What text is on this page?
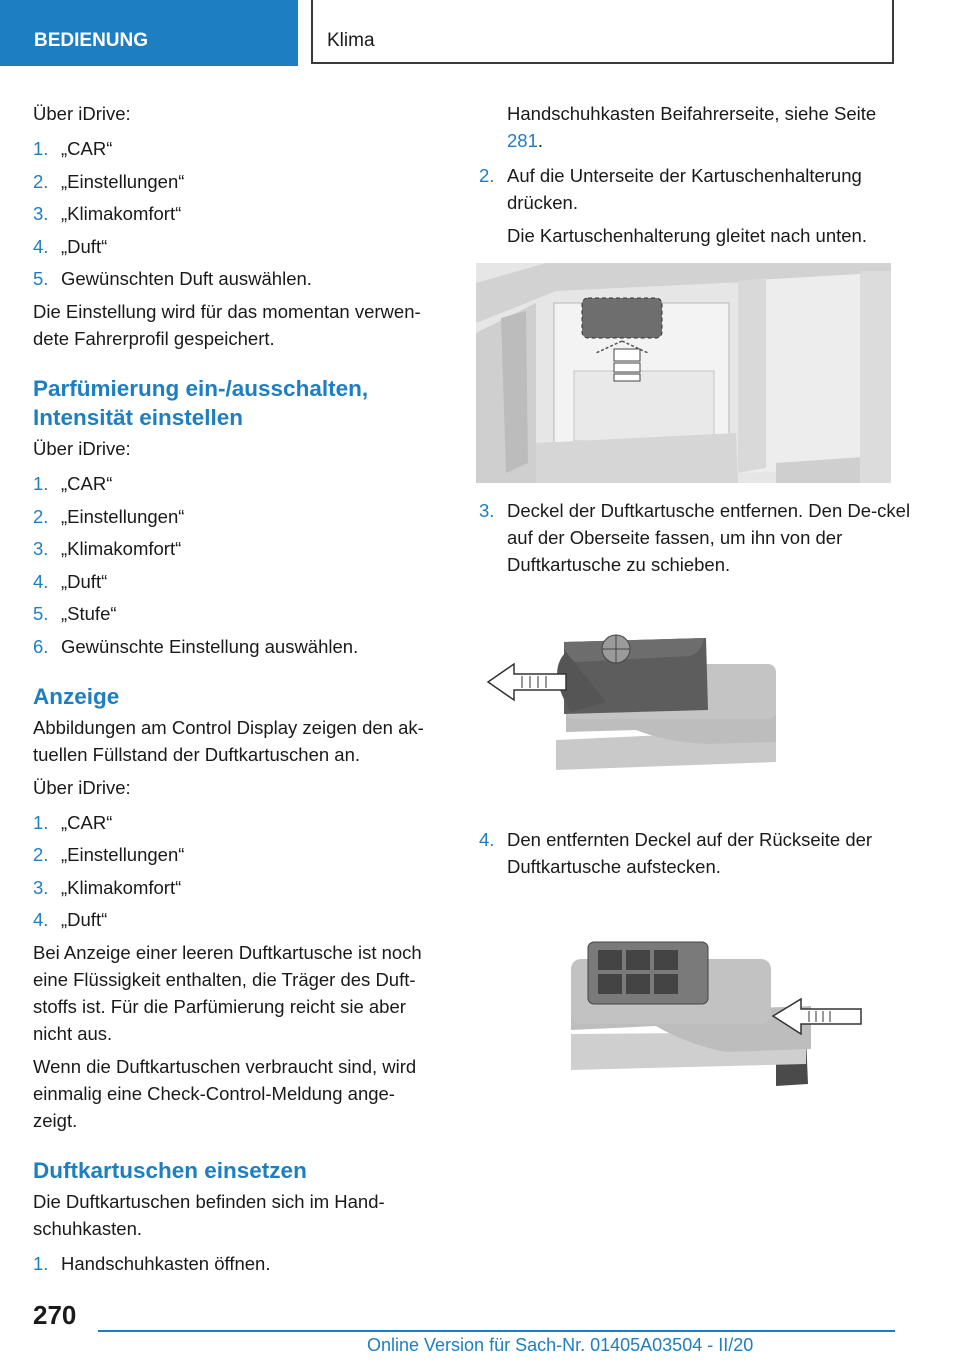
BEDIENUNG	Klima

Über iDrive:

1. „CAR“
2. „Einstellungen“
3. „Klimakomfort“
4. „Duft“
5. Gewünschten Duft auswählen.

Die Einstellung wird für das momentan verwen-dete Fahrerprofil gespeichert.

Parfümierung ein-/ausschalten, Intensität einstellen

Über iDrive:

1. „CAR“
2. „Einstellungen“
3. „Klimakomfort“
4. „Duft“
5. „Stufe“
6. Gewünschte Einstellung auswählen.
Anzeige

Abbildungen am Control Display zeigen den ak-tuellen Füllstand der Duftkartuschen an.

Über iDrive:

1. „CAR“
2. „Einstellungen“
3. „Klimakomfort“
4. „Duft“

Bei Anzeige einer leeren Duftkartusche ist noch eine Flüssigkeit enthalten, die Träger des Duft-stoffs ist. Für die Parfümierung reicht sie aber nicht aus.

Wenn die Duftkartuschen verbraucht sind, wird einmalig eine Check-Control-Meldung ange-zeigt.

Duftkartuschen einsetzen

Die Duftkartuschen befinden sich im Hand-schuhkasten.

1. Handschuhkasten öffnen.

Handschuhkasten Beifahrerseite, siehe Seite 281.

2. Auf die Unterseite der Kartuschenhalterung drücken.

Die Kartuschenhalterung gleitet nach unten.

3. Deckel der Duftkartusche entfernen. Den De-ckel auf der Oberseite fassen, um ihn von der Duftkartusche zu schieben.
4. Den entfernten Deckel auf der Rückseite der Duftkartusche aufstecken.
270
Online Version für Sach-Nr. 01405A03504 - II/20
